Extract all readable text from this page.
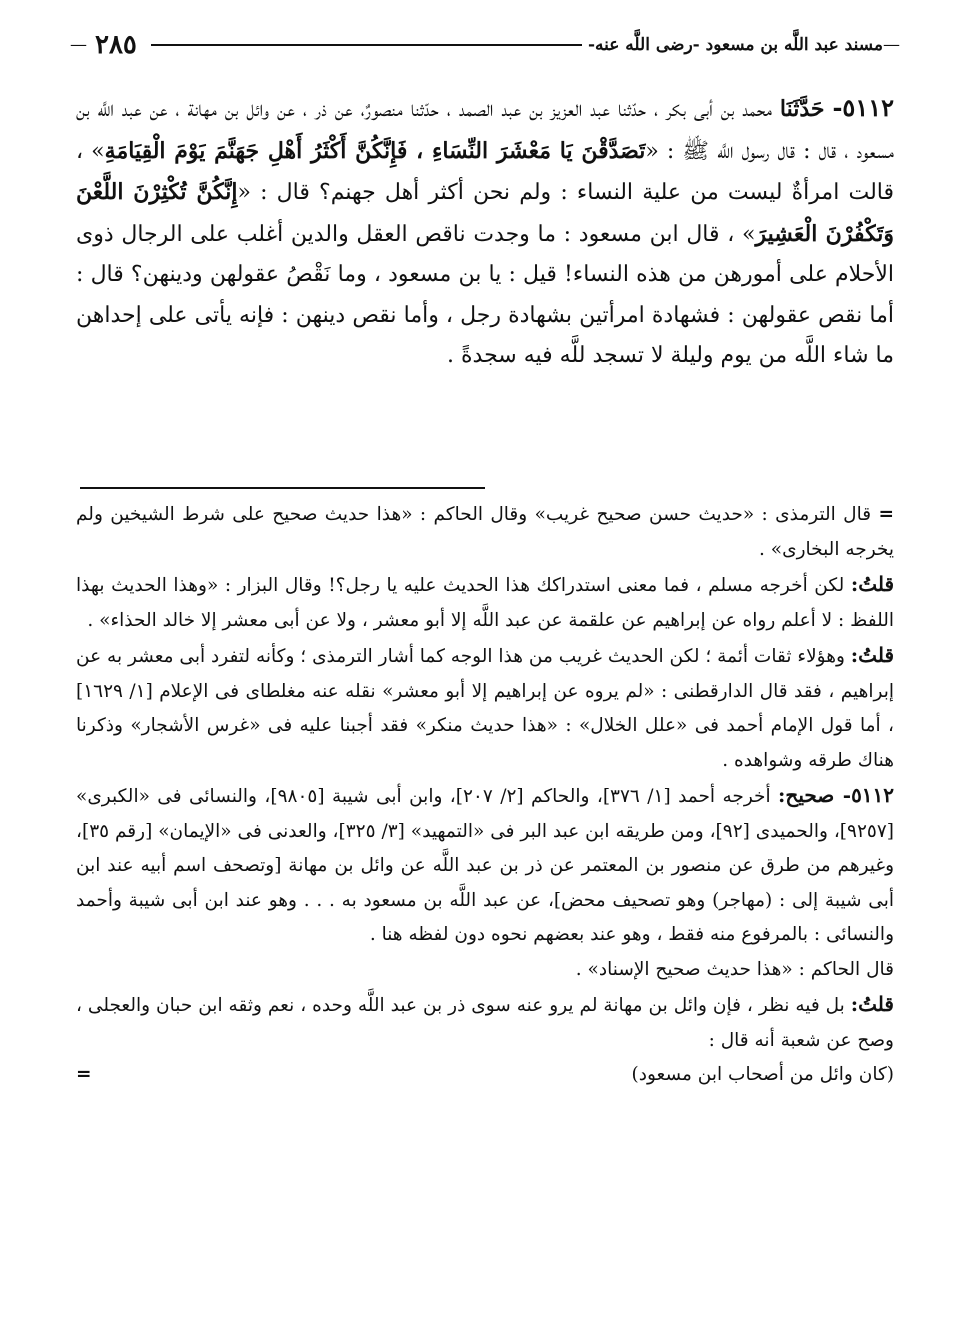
— ٢٨٥	مسند عبد اللَّه بن مسعود -رضى اللَّه عنه- —

٥١١٢- حَدَّثَنَا محمد بن أبى بكر ، حدّثنا عبد العزيز بن عبد الصمد ، حدّثنا منصورٌ، عن ذر ، عن وائل بن مهانة ، عن عبد اللَّه بن مسعود ، قال : قال رسول اللَّه ﷺ : «تَصَدَّقْنَ يَا مَعْشَرَ النِّسَاءِ ، فَإِنَّكُنَّ أَكْثَرُ أَهْلِ جَهَنَّمَ يَوْمَ الْقِيَامَةِ» ، قالت امرأةٌ ليست من علية النساء : ولم نحن أكثر أهل جهنم؟ قال : «إِنَّكُنَّ تُكْثِرْنَ اللَّعْنَ وَتَكْفُرْنَ الْعَشِيرَ» ، قال ابن مسعود : ما وجدت ناقص العقل والدين أغلب على الرجال ذوى الأحلام على أمورهن من هذه النساء! قيل : يا بن مسعود ، وما نَقْصُ عقولهن ودينهن؟ قال : أما نقص عقولهن : فشهادة امرأتين بشهادة رجل ، وأما نقص دينهن : فإنه يأتى على إحداهن ما شاء اللَّه من يوم وليلة لا تسجد للَّه فيه سجدةً .

= قال الترمذى : «حديث حسن صحيح غريب» وقال الحاكم : «هذا حديث صحيح على شرط الشيخين ولم يخرجه البخارى» .

قلتُ: لكن أخرجه مسلم ، فما معنى استدراكك هذا الحديث عليه يا رجل؟! وقال البزار : «وهذا الحديث بهذا اللفظ : لا أعلم رواه عن إبراهيم عن علقمة عن عبد اللَّه إلا أبو معشر ، ولا عن أبى معشر إلا خالد الحذاء» .

قلتُ: وهؤلاء ثقات أئمة ؛ لكن الحديث غريب من هذا الوجه كما أشار الترمذى ؛ وكأنه لتفرد أبى معشر به عن إبراهيم ، فقد قال الدارقطنى : «لم يروه عن إبراهيم إلا أبو معشر» نقله عنه مغلطاى فى الإعلام [١/ ١٦٢٩] ، أما قول الإمام أحمد فى «علل الخلال» : «هذا حديث منكر» فقد أجبنا عليه فى «غرس الأشجار» وذكرنا هناك طرقه وشواهده .

٥١١٢- صحيح: أخرجه أحمد [١/ ٣٧٦]، والحاكم [٢/ ٢٠٧]، وابن أبى شيبة [٩٨٠٥]، والنسائى فى «الكبرى» [٩٢٥٧]، والحميدى [٩٢]، ومن طريقه ابن عبد البر فى «التمهيد» [٣/ ٣٢٥]، والعدنى فى «الإيمان» [رقم ٣٥]، وغيرهم من طرق عن منصور بن المعتمر عن ذر بن عبد اللَّه عن وائل بن مهانة [وتصحف اسم أبيه عند ابن أبى شيبة إلى : (مهاجر) وهو تصحيف محض]، عن عبد اللَّه بن مسعود به . . . وهو عند ابن أبى شيبة وأحمد والنسائى : بالمرفوع منه فقط ، وهو عند بعضهم نحوه دون لفظه هنا .

قال الحاكم : «هذا حديث صحيح الإسناد» .

قلتُ: بل فيه نظر ، فإن وائل بن مهانة لم يرو عنه سوى ذر بن عبد اللَّه وحده ، نعم وثقه ابن حبان والعجلى ، وصح عن شعبة أنه قال :

(كان وائل من أصحاب ابن مسعود)
=
